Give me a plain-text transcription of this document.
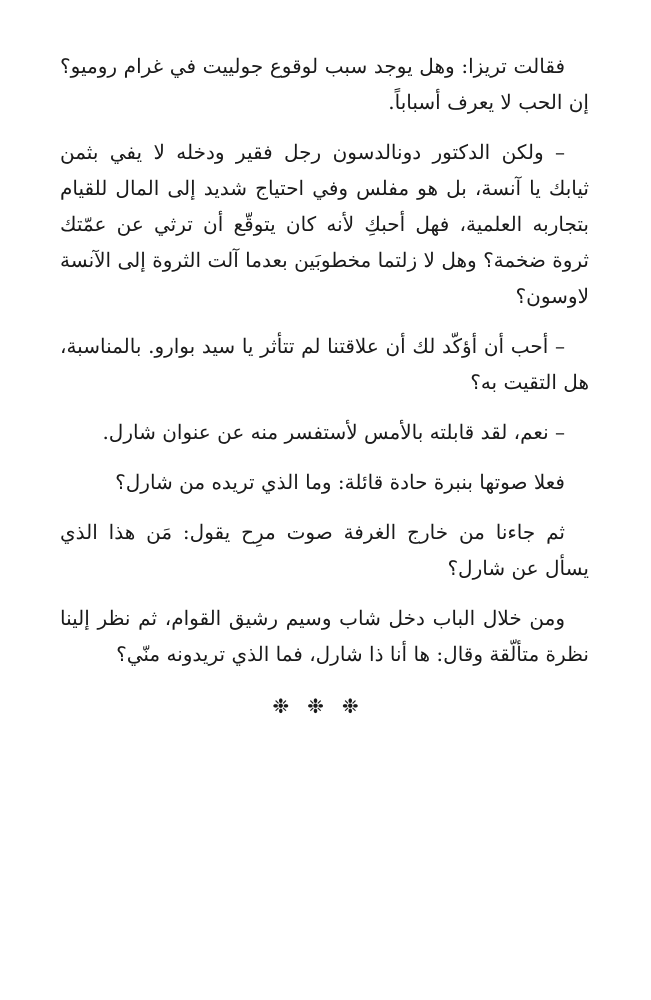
فقالت تريزا: وهل يوجد سبب لوقوع جولييت في غرام روميو؟ إن الحب لا يعرف أسباباً.

– ولكن الدكتور دونالدسون رجل فقير ودخله لا يفي بثمن ثيابك يا آنسة، بل هو مفلس وفي احتياج شديد إلى المال للقيام بتجاربه العلمية، فهل أحبكِ لأنه كان يتوقّع أن ترثي عن عمّتك ثروة ضخمة؟ وهل لا زلتما مخطوبَين بعدما آلت الثروة إلى الآنسة لاوسون؟

– أحب أن أؤكّد لك أن علاقتنا لم تتأثر يا سيد بوارو. بالمناسبة، هل التقيت به؟

– نعم، لقد قابلته بالأمس لأستفسر منه عن عنوان شارل.

فعلا صوتها بنبرة حادة قائلة: وما الذي تريده من شارل؟

ثم جاءنا من خارج الغرفة صوت مرِح يقول: مَن هذا الذي يسأل عن شارل؟

ومن خلال الباب دخل شاب وسيم رشيق القوام، ثم نظر إلينا نظرة متألّقة وقال: ها أنا ذا شارل، فما الذي تريدونه منّي؟

❉❉❉
